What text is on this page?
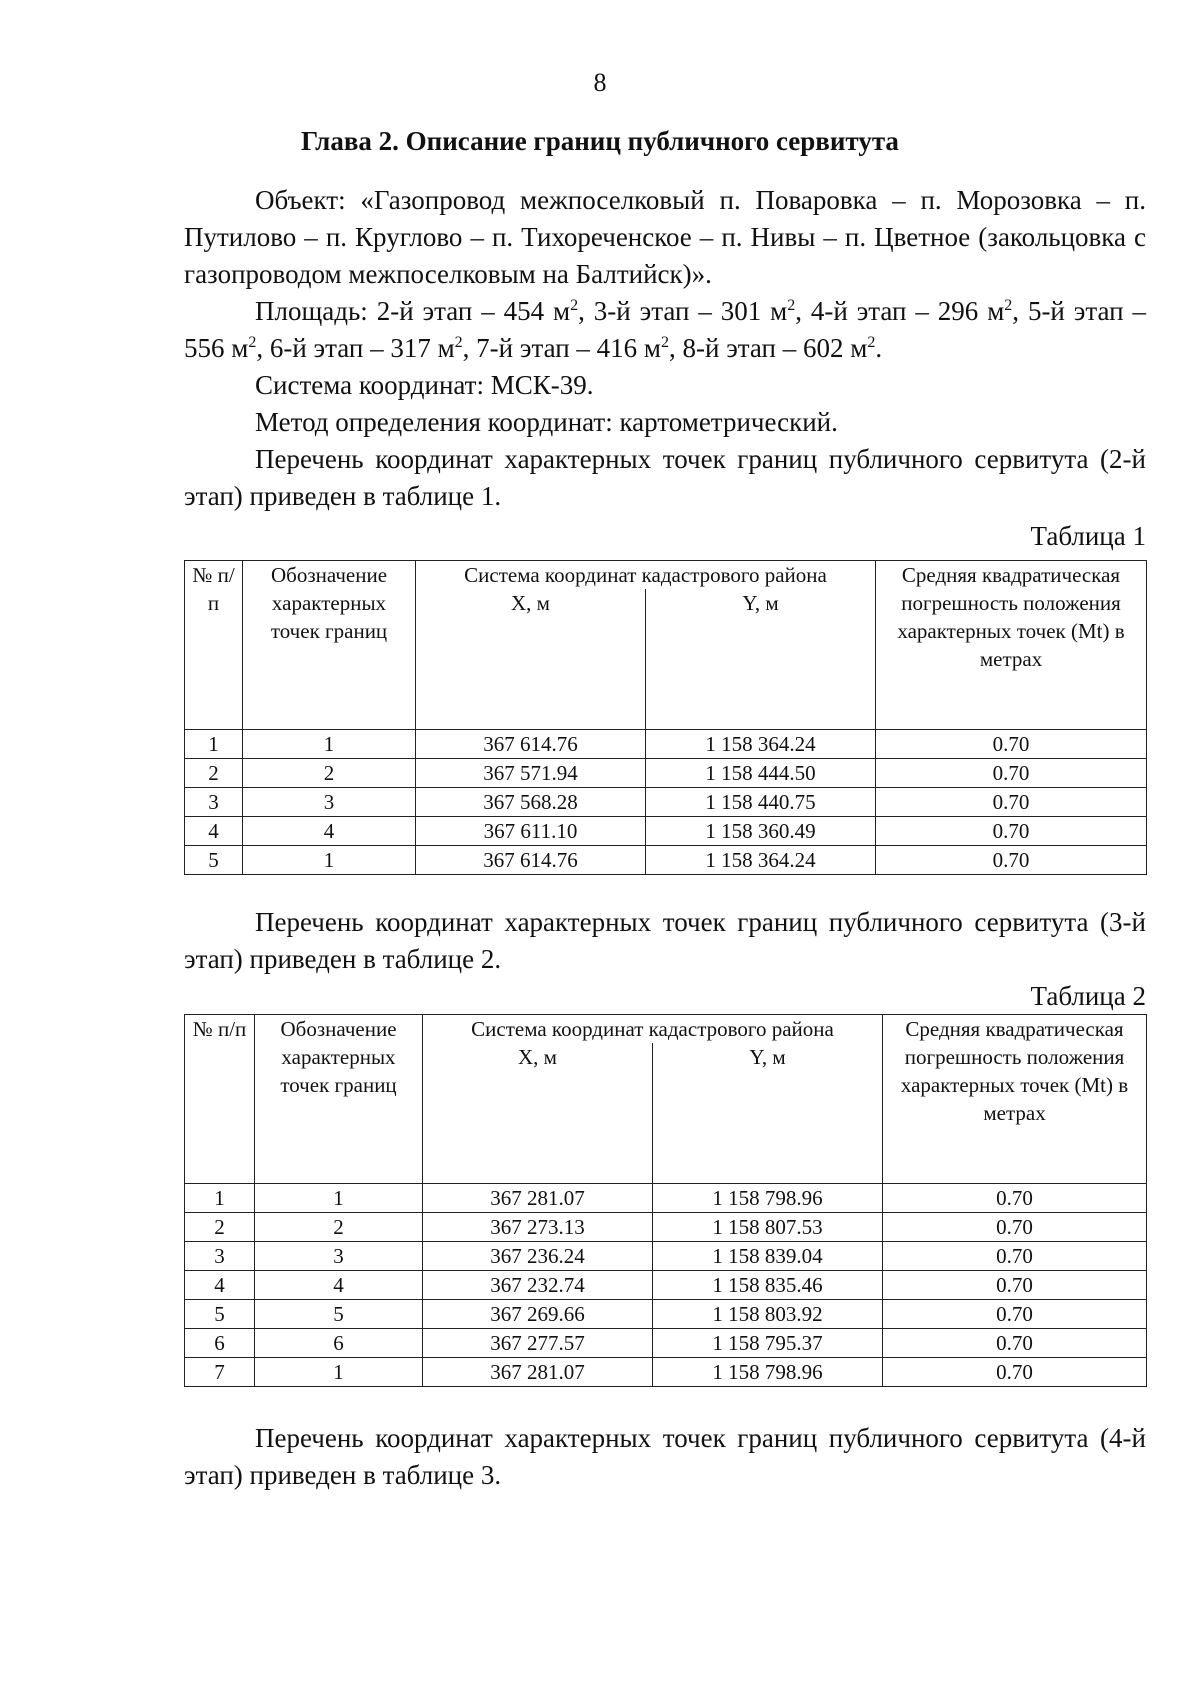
8
Глава 2. Описание границ публичного сервитута

Объект: «Газопровод межпоселковый п. Поваровка – п. Морозовка – п. Путилово – п. Круглово – п. Тихореченское – п. Нивы – п. Цветное (закольцовка с газопроводом межпоселковым на Балтийск)».

Площадь: 2-й этап – 454 $м^2$, 3-й этап – 301 $м^2$, 4-й этап – 296 $м^2$, 5-й этап – 556 $м^2$, 6-й этап – 317 $м^2$, 7-й этап – 416 $м^2$, 8-й этап – 602 $м^2$.

Система координат: МСК-39.

Метод определения координат: картометрический.

Перечень координат характерных точек границ публичного сервитута (2-й этап) приведен в таблице 1.

Таблица 1
№ п/п	Обозначение характерных точек границ	Система координат кадастрового района		Средняя квадратическая погрешность положения характерных точек (Mt) в метрах
		X, м	Y, м	
1	1	367 614.76	1 158 364.24	0.70
2	2	367 571.94	1 158 444.50	0.70
3	3	367 568.28	1 158 440.75	0.70
4	4	367 611.10	1 158 360.49	0.70
5	1	367 614.76	1 158 364.24	0.70

Перечень координат характерных точек границ публичного сервитута (3-й этап) приведен в таблице 2.

Таблица 2
№ п/п	Обозначение характерных точек границ	Система координат кадастрового района		Средняя квадратическая погрешность положения характерных точек (Mt) в метрах
		X, м	Y, м	
1	1	367 281.07	1 158 798.96	0.70
2	2	367 273.13	1 158 807.53	0.70
3	3	367 236.24	1 158 839.04	0.70
4	4	367 232.74	1 158 835.46	0.70
5	5	367 269.66	1 158 803.92	0.70
6	6	367 277.57	1 158 795.37	0.70
7	1	367 281.07	1 158 798.96	0.70

Перечень координат характерных точек границ публичного сервитута (4-й этап) приведен в таблице 3.
